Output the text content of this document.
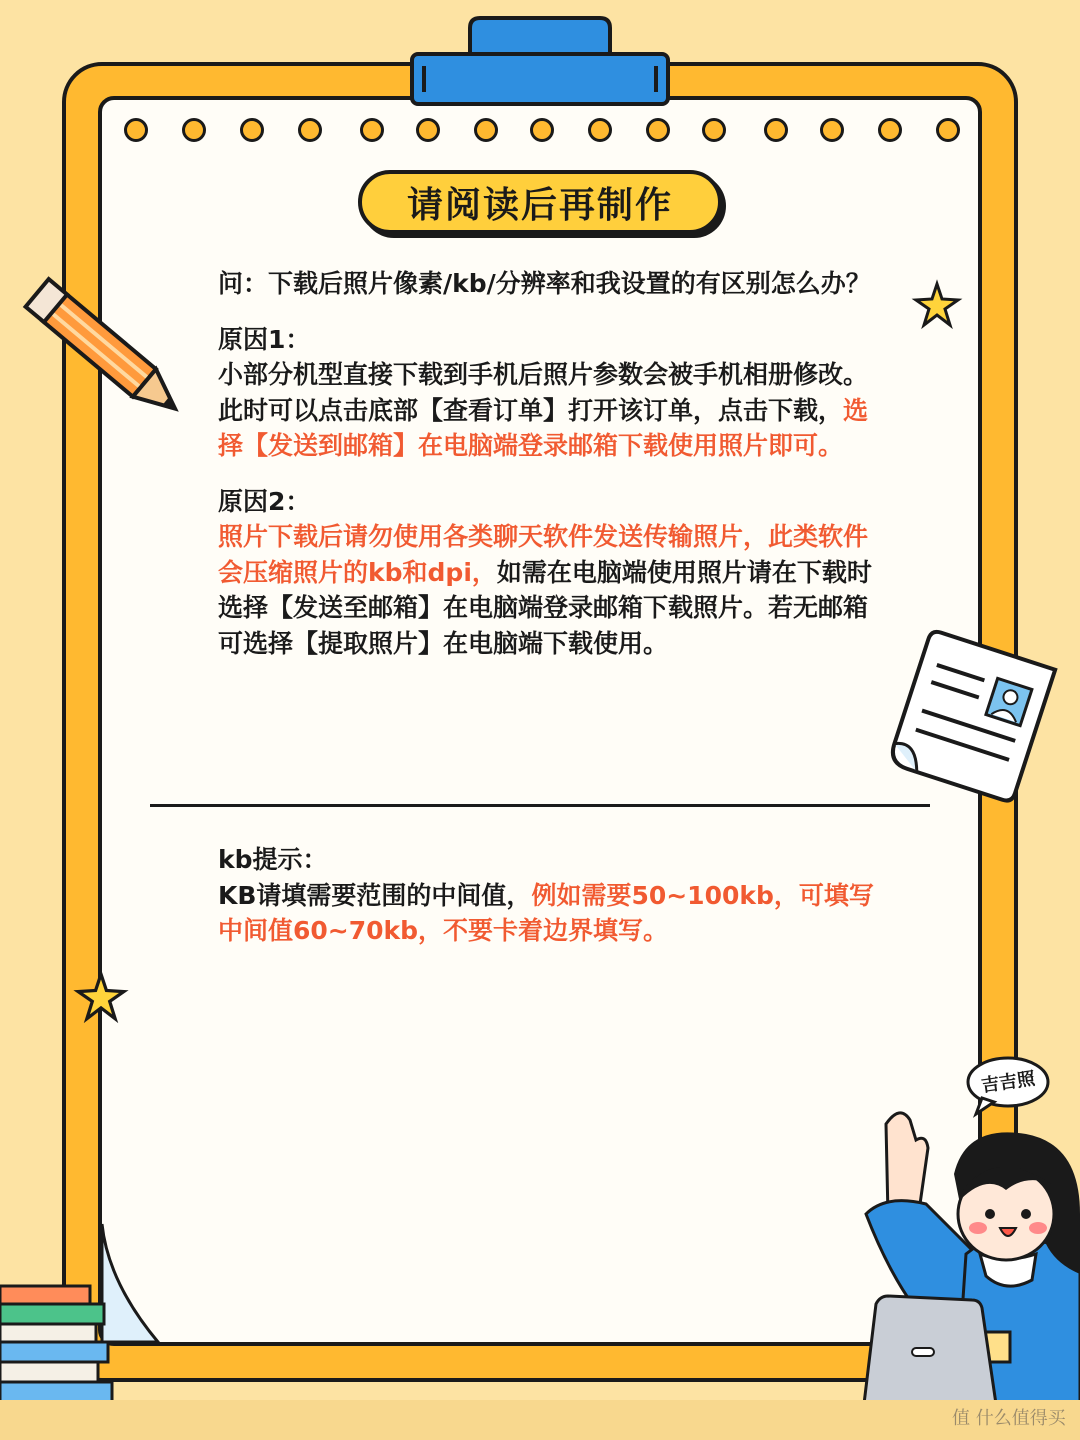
请阅读后再制作

问：下载后照片像素/kb/分辨率和我设置的有区别怎么办？

原因1：

小部分机型直接下载到手机后照片参数会被手机相册修改。此时可以点击底部【查看订单】打开该订单，点击下载，选择【发送到邮箱】在电脑端登录邮箱下载使用照片即可。

原因2：

照片下载后请勿使用各类聊天软件发送传输照片，此类软件会压缩照片的kb和dpi，如需在电脑端使用照片请在下载时选择【发送至邮箱】在电脑端登录邮箱下载照片。若无邮箱可选择【提取照片】在电脑端下载使用。

kb提示：

KB请填需要范围的中间值，例如需要50~100kb，可填写中间值60~70kb，不要卡着边界填写。

吉吉照
值 什么值得买
